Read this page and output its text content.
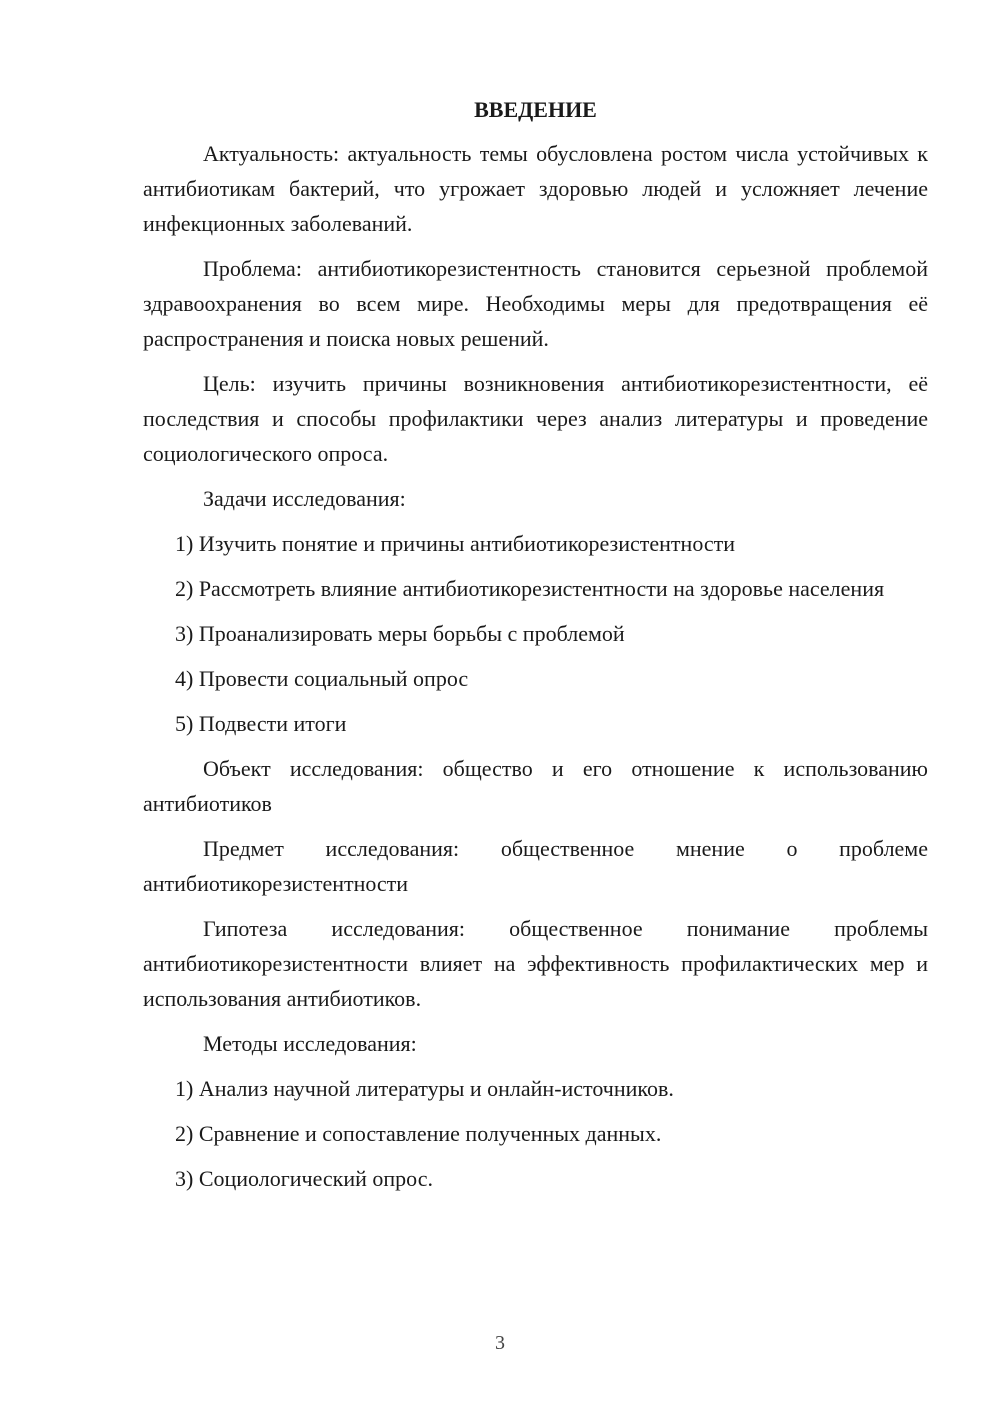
ВВЕДЕНИЕ
Актуальность: актуальность темы обусловлена ростом числа устойчивых к антибиотикам бактерий, что угрожает здоровью людей и усложняет лечение инфекционных заболеваний.
Проблема: антибиотикорезистентность становится серьезной проблемой здравоохранения во всем мире. Необходимы меры для предотвращения её распространения и поиска новых решений.
Цель: изучить причины возникновения антибиотикорезистентности, её последствия и способы профилактики через анализ литературы и проведение социологического опроса.
Задачи исследования:
1) Изучить понятие и причины антибиотикорезистентности
2) Рассмотреть влияние антибиотикорезистентности на здоровье населения
3) Проанализировать меры борьбы с проблемой
4) Провести социальный опрос
5) Подвести итоги
Объект исследования: общество и его отношение к использованию антибиотиков
Предмет исследования: общественное мнение о проблеме антибиотикорезистентности
Гипотеза исследования: общественное понимание проблемы антибиотикорезистентности влияет на эффективность профилактических мер и использования антибиотиков.
Методы исследования:
1) Анализ научной литературы и онлайн-источников.
2) Сравнение и сопоставление полученных данных.
3) Социологический опрос.
3
